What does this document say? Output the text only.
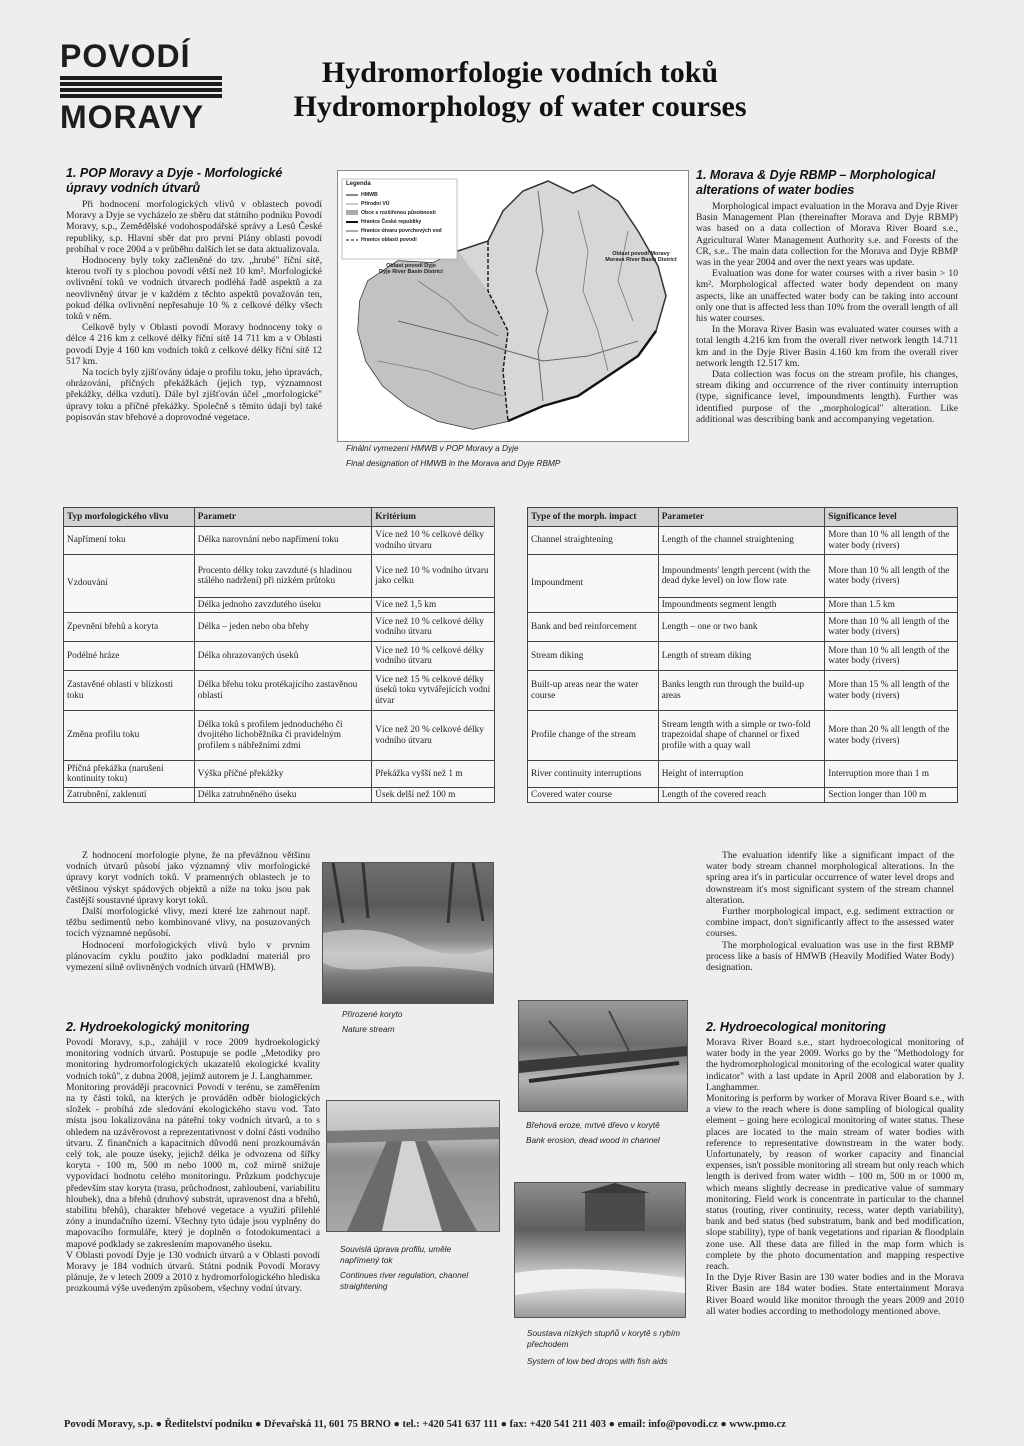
POVODÍ
MORAVY
Hydromorfologie vodních toků
Hydromorphology of water courses
1. POP Moravy a Dyje - Morfologické úpravy vodních útvarů

Při hodnocení morfologických vlivů v oblastech povodí Moravy a Dyje se vycházelo ze sběru dat státního podniku Povodí Moravy, s.p., Zemědělské vodohospodářské správy a Lesů České republiky, s.p. Hlavní sběr dat pro první Plány oblasti povodí probíhal v roce 2004 a v průběhu dalších let se data aktualizovala.

Hodnoceny byly toky začleněné do tzv. „hrubé" říční sítě, kterou tvoří ty s plochou povodí větší než 10 km². Morfologické ovlivnění toků ve vodních útvarech podléhá řadě aspektů a za neovlivněný útvar je v každém z těchto aspektů považován ten, pokud délka ovlivnění nepřesahuje 10 % z celkové délky všech toků v něm.

Celkově byly v Oblasti povodí Moravy hodnoceny toky o délce 4 216 km z celkové délky říční sítě 14 711 km a v Oblasti povodí Dyje 4 160 km vodních toků z celkové délky říční sítě 12 517 km.

Na tocích byly zjišťovány údaje o profilu toku, jeho úpravách, ohrázování, příčných překážkách (jejich typ, významnost překážky, délka vzdutí). Dále byl zjišťován účel „morfologické" úpravy toku a příčné překážky. Společně s těmito údaji byl také popisován stav břehové a doprovodné vegetace.

Legenda
HMWB
Přírodní VÚ
Obce s rozšířenou působností
Hranice České republiky
Hranice útvaru povrchových vod
Hranice oblastí povodí
Oblast povodí Dyje
Dyje River Basin District
Oblast povodí Moravy
Morava River Basin District
Finální vymezení HMWB v POP Moravy a Dyje
Final designation of HMWB in the Morava and Dyje RBMP
1. Morava & Dyje RBMP – Morphological alterations of water bodies

Morphological impact evaluation in the Morava and Dyje River Basin Management Plan (thereinafter Morava and Dyje RBMP) was based on a data collection of Morava River Board s.e., Agricultural Water Management Authority s.e. and Forests of the CR, s.e.. The main data collection for the Morava and Dyje RBMP was in the year 2004 and over the next years was update.

Evaluation was done for water courses with a river basin > 10 km². Morphological affected water body dependent on many aspects, like an unaffected water body can be taking into account only one that is affected less than 10% from the overall length of all his water courses.

In the Morava River Basin was evaluated water courses with a total length 4.216 km from the overall river network length 14.711 km and in the Dyje River Basin 4.160 km from the overall river network length 12.517 km.

Data collection was focus on the stream profile, his changes, stream diking and occurrence of the river continuity interruption (type, significance level, impoundments length). Further was identified purpose of the „morphological" alteration. Like additional was describing bank and accompanying vegetation.

Typ morfologického vlivu	Parametr	Kritérium
Napřímení toku	Délka narovnání nebo napřímení toku	Více než 10 % celkové délky vodního útvaru
Vzdouvání	Procento délky toku zavzduté (s hladinou stálého nadržení) při nízkém průtoku	Více než 10 % vodního útvaru jako celku
	Délka jednoho zavzdutého úseku	Více než 1,5 km
Zpevnění břehů a koryta	Délka – jeden nebo oba břehy	Více než 10 % celkové délky vodního útvaru
Podélné hráze	Délka ohrazovaných úseků	Více než 10 % celkové délky vodního útvaru
Zastavěné oblasti v blízkosti toku	Délka břehu toku protékajícího zastavěnou oblastí	Více než 15 % celkové délky úseků toku vytvářejících vodní útvar
Změna profilu toku	Délka toků s profilem jednoduchého či dvojitého lichoběžníka či pravidelným profilem s nábřežními zdmi	Více než 20 % celkové délky vodního útvaru
Příčná překážka (narušení kontinuity toku)	Výška příčné překážky	Překážka vyšší než 1 m
Zatrubnění, zaklenutí	Délka zatrubněného úseku	Úsek delší než 100 m
Type of the morph. impact	Parameter	Significance level
Channel straightening	Length of the channel straightening	More than 10 % all length of the water body (rivers)
Impoundment	Impoundments' length percent (with the dead dyke level) on low flow rate	More than 10 % all length of the water body (rivers)
	Impoundments segment length	More than 1.5 km
Bank and bed reinforcement	Length – one or two bank	More than 10 % all length of the water body (rivers)
Stream diking	Length of stream diking	More than 10 % all length of the water body (rivers)
Built-up areas near the water course	Banks length run through the build-up areas	More than 15 % all length of the water body (rivers)
Profile change of the stream	Stream length with a simple or two-fold trapezoidal shape of channel or fixed profile with a quay wall	More than 20 % all length of the water body (rivers)
River continuity interruptions	Height of interruption	Interruption more than 1 m
Covered water course	Length of the covered reach	Section longer than 100 m

Z hodnocení morfologie plyne, že na převážnou většinu vodních útvarů působí jako významný vliv morfologické úpravy koryt vodních toků. V pramenných oblastech je to většinou výskyt spádových objektů a níže na toku jsou pak častější soustavné úpravy koryt toků.

Další morfologické vlivy, mezi které lze zahrnout např. těžbu sedimentů nebo kombinované vlivy, na posuzovaných tocích významné nepůsobí.

Hodnocení morfologických vlivů bylo v prvním plánovacím cyklu použito jako podkladní materiál pro vymezení silně ovlivněných vodních útvarů (HMWB).

The evaluation identify like a significant impact of the water body stream channel morphological alterations. In the spring area it's in particular occurrence of water level drops and downstream it's most significant system of the stream channel alteration.

Further morphological impact, e.g. sediment extraction or combine impact, don't significantly affect to the assessed water courses.

The morphological evaluation was use in the first RBMP process like a basis of HMWB (Heavily Modified Water Body) designation.

Přirozené koryto
Nature stream
Souvislá úprava profilu, uměle napřímený tok
Continues river regulation, channel straightening
Břehová eroze, mrtvé dřevo v korytě
Bank erosion, dead wood in channel
Soustava nízkých stupňů v korytě s rybím přechodem
System of low bed drops with fish aids
2. Hydroekologický monitoring

Povodí Moravy, s.p., zahájil v roce 2009 hydroekologický monitoring vodních útvarů. Postupuje se podle „Metodiky pro monitoring hydromorfologických ukazatelů ekologické kvality vodních toků", z dubna 2008, jejímž autorem je J. Langhammer.

Monitoring provádějí pracovníci Povodí v terénu, se zaměřením na ty části toků, na kterých je prováděn odběr biologických složek - probíhá zde sledování ekologického stavu vod. Tato místa jsou lokalizována na páteřní toky vodních útvarů, a to s ohledem na uzávěrovost a reprezentativnost v dolní části vodního útvaru. Z finančních a kapacitních důvodů není prozkoumáván celý tok, ale pouze úseky, jejichž délka je odvozena od šířky koryta - 100 m, 500 m nebo 1000 m, což mírně snižuje vypovídací hodnotu celého monitoringu. Průzkum podchycuje především stav koryta (trasu, průchodnost, zahloubení, variabilitu hloubek), dna a břehů (druhový substrát, upravenost dna a břehů, stabilitu břehů), charakter břehové vegetace a využití přilehlé zóny a inundačního území. Všechny tyto údaje jsou vyplněny do mapovacího formuláře, který je doplněn o fotodokumentaci a mapové podklady se zakreslením mapovaného úseku.

V Oblasti povodí Dyje je 130 vodních útvarů a v Oblasti povodí Moravy je 184 vodních útvarů. Státní podnik Povodí Moravy plánuje, že v letech 2009 a 2010 z hydromorfologického hlediska prozkoumá výše uvedeným způsobem, všechny vodní útvary.

2. Hydroecological monitoring

Morava River Board s.e., start hydroecological monitoring of water body in the year 2009. Works go by the "Methodology for the hydromorphological monitoring of the ecological water quality indicator" with a last update in April 2008 and elaboration by J. Langhammer.

Monitoring is perform by worker of Morava River Board s.e., with a view to the reach where is done sampling of biological quality element – going here ecological monitoring of water status. These places are located to the main stream of water bodies with reference to representative downstream in the water body. Unfortunately, by reason of worker capacity and financial expenses, isn't possible monitoring all stream but only reach which length is derived from water width – 100 m, 500 m or 1000 m, which means slightly decrease in predicative value of summary monitoring. Field work is concentrate in particular to the channel status (routing, river continuity, recess, water depth variability), bank and bed status (bed substratum, bank and bed modification, slope stability), type of bank vegetations and riparian & floodplain zone use. All these data are filled in the map form which is complete by the photo documentation and mapping respective reach.

In the Dyje River Basin are 130 water bodies and in the Morava River Basin are 184 water bodies. State entertainment Morava River Board would like monitor through the years 2009 and 2010 all water bodies according to methodology mentioned above.

Povodí Moravy, s.p. ● Ředitelství podniku ● Dřevařská 11, 601 75 BRNO ● tel.: +420 541 637 111 ● fax: +420 541 211 403 ● email: info@povodi.cz ● www.pmo.cz
